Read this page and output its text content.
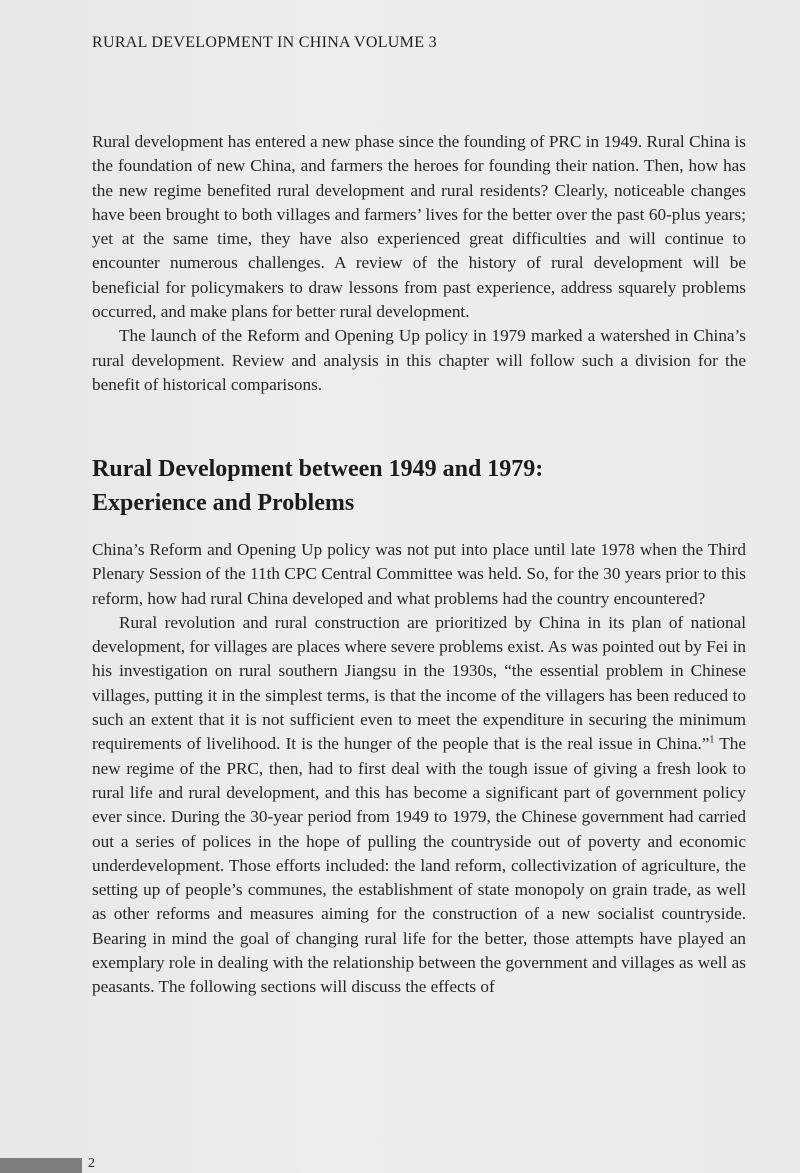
RURAL DEVELOPMENT IN CHINA VOLUME 3

Rural development has entered a new phase since the founding of PRC in 1949. Rural China is the foundation of new China, and farmers the heroes for founding their nation. Then, how has the new regime benefited rural development and rural residents? Clearly, noticeable changes have been brought to both villages and farmers’ lives for the better over the past 60-plus years; yet at the same time, they have also experienced great difficulties and will continue to encounter numerous challenges. A review of the history of rural development will be beneficial for policymakers to draw lessons from past experience, address squarely problems occurred, and make plans for better rural development.

The launch of the Reform and Opening Up policy in 1979 marked a watershed in China’s rural development. Review and analysis in this chapter will follow such a division for the benefit of historical comparisons.

Rural Development between 1949 and 1979:
Experience and Problems

China’s Reform and Opening Up policy was not put into place until late 1978 when the Third Plenary Session of the 11th CPC Central Committee was held. So, for the 30 years prior to this reform, how had rural China developed and what problems had the country encountered?

Rural revolution and rural construction are prioritized by China in its plan of national development, for villages are places where severe problems exist. As was pointed out by Fei in his investigation on rural southern Jiangsu in the 1930s, “the essential problem in Chinese villages, putting it in the simplest terms, is that the income of the villagers has been reduced to such an extent that it is not sufficient even to meet the expenditure in securing the minimum requirements of livelihood. It is the hunger of the people that is the real issue in China.”$^1$ The new regime of the PRC, then, had to first deal with the tough issue of giving a fresh look to rural life and rural development, and this has become a significant part of government policy ever since. During the 30-year period from 1949 to 1979, the Chinese government had carried out a series of polices in the hope of pulling the countryside out of poverty and economic underdevelopment. Those efforts included: the land reform, collectivization of agriculture, the setting up of people’s communes, the establishment of state monopoly on grain trade, as well as other reforms and measures aiming for the construction of a new socialist countryside. Bearing in mind the goal of changing rural life for the better, those attempts have played an exemplary role in dealing with the relationship between the government and villages as well as peasants. The following sections will discuss the effects of

2
